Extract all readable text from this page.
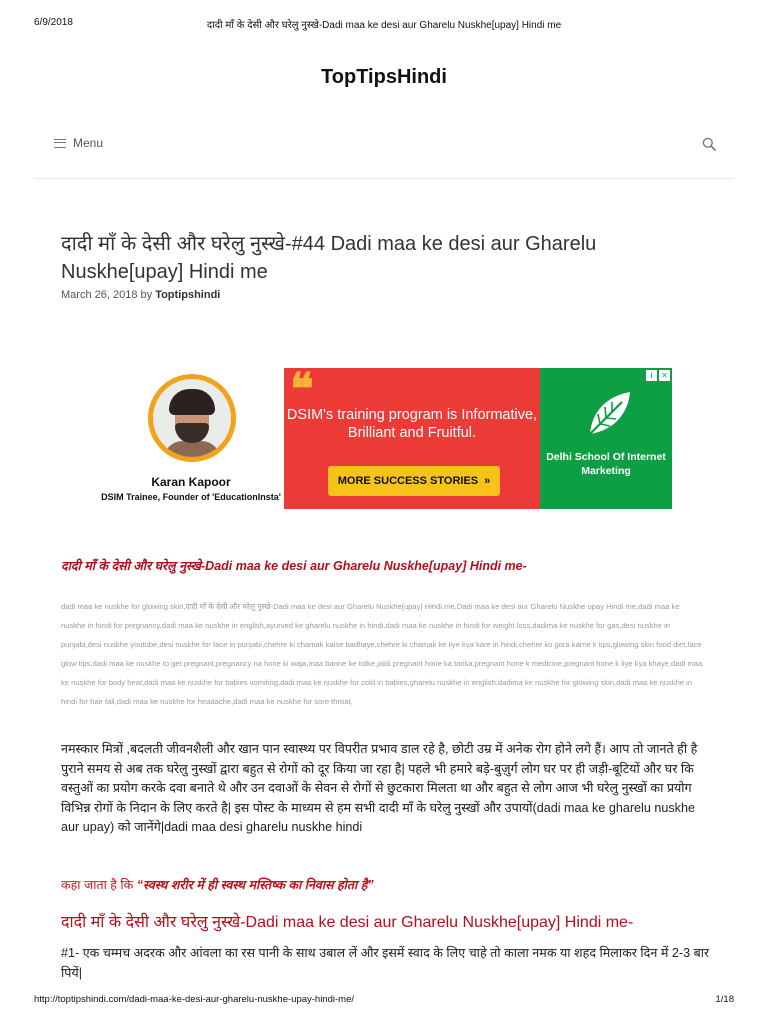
6/9/2018	दादी माँ के देसी और घरेलु नुस्खे-Dadi maa ke desi aur Gharelu Nuskhe[upay] Hindi me
TopTipsHindi
Menu
दादी माँ के देसी और घरेलु नुस्खे-#44 Dadi maa ke desi aur Gharelu Nuskhe[upay] Hindi me
March 26, 2018 by Toptipshindi
Karan Kapoor
DSIM Trainee, Founder of 'EducationInsta'
❝
DSIM's training program is Informative, Brilliant and Fruitful.
MORE SUCCESS STORIES »
Delhi School Of Internet Marketing
i	✕
दादी माँ के देसी और घरेलु नुस्खे-Dadi maa ke desi aur Gharelu Nuskhe[upay] Hindi me-
dadi maa ke nuskhe for glowing skin,दादी माँ के देसी और घरेलु नुस्खे-Dadi maa ke desi aur Gharelu Nuskhe[upay] Hindi me,Dadi maa ke desi aur Gharelu Nuskhe upay Hindi me,dadi maa ke nuskhe in hindi for pregnancy,dadi maa ke nuskhe in english,ayurved ke gharelu nuskhe in hindi,dadi maa ke nuskhe in hindi for weight loss,dadima ke nuskhe for gas,desi nuskhe in punjabi,desi nuskhe youtube,desi nuskhe for face in punjabi,chehre ki chamak kaise badhaye,chehre ki chamak ke liye kya kare in hindi,chehre ko gora karne k tips,glowing skin food diet,face glow tips,dadi maa ke nuskhe to get pregnant,pregnancy na hone ki waja,maa banne ke totke,jaldi pregnant hone ka tarika,pregnant hone k medicine,pregnant hone k liye kya khaye,dadi maa ke nuskhe for body heat,dadi maa ke nuskhe for babies vomiting,dadi maa ke nuskhe for cold in babies,gharelu nuskhe in english,dadima ke nuskhe for glowing skin,dadi maa ke nuskhe in hindi for hair fall,dadi maa ke nuskhe for headache,dadi maa ke nuskhe for sore throat,
नमस्कार मित्रों ,बदलती जीवनशैली और खान पान स्वास्थ्य पर विपरीत प्रभाव डाल रहे है, छोटी उम्र में अनेक रोग होने लगे हैं। आप तो जानते ही है पुराने समय से अब तक घरेलु नुस्खों द्वारा बहुत से रोगों को दूर किया जा रहा है| पहले भी हमारे बड़े-बुज़ुर्ग लोग घर पर ही जड़ी-बूटियों और घर कि वस्तुओं का प्रयोग करके दवा बनाते थे और उन दवाओं के सेवन से रोगों से छुटकारा मिलता था और बहुत से लोग आज भी घरेलु नुस्खों का प्रयोग विभिन्न रोगों के निदान के लिए करते है| इस पोस्ट के माध्यम से हम सभी दादी माँ के घरेलु नुस्खों और उपायों(dadi maa ke gharelu nuskhe aur upay) को जानेंगे|dadi maa desi gharelu nuskhe hindi
कहा जाता है कि “स्वस्थ शरीर में ही स्वस्थ मस्तिष्क का निवास होता है”
दादी माँ के देसी और घरेलु नुस्खे-Dadi maa ke desi aur Gharelu Nuskhe[upay] Hindi me-
#1- एक चम्मच अदरक और आंवला का रस पानी के साथ उबाल लें और इसमें स्वाद के लिए चाहे तो काला नमक या शहद मिलाकर दिन में 2-3 बार पियें|
http://toptipshindi.com/dadi-maa-ke-desi-aur-gharelu-nuskhe-upay-hindi-me/	1/18
